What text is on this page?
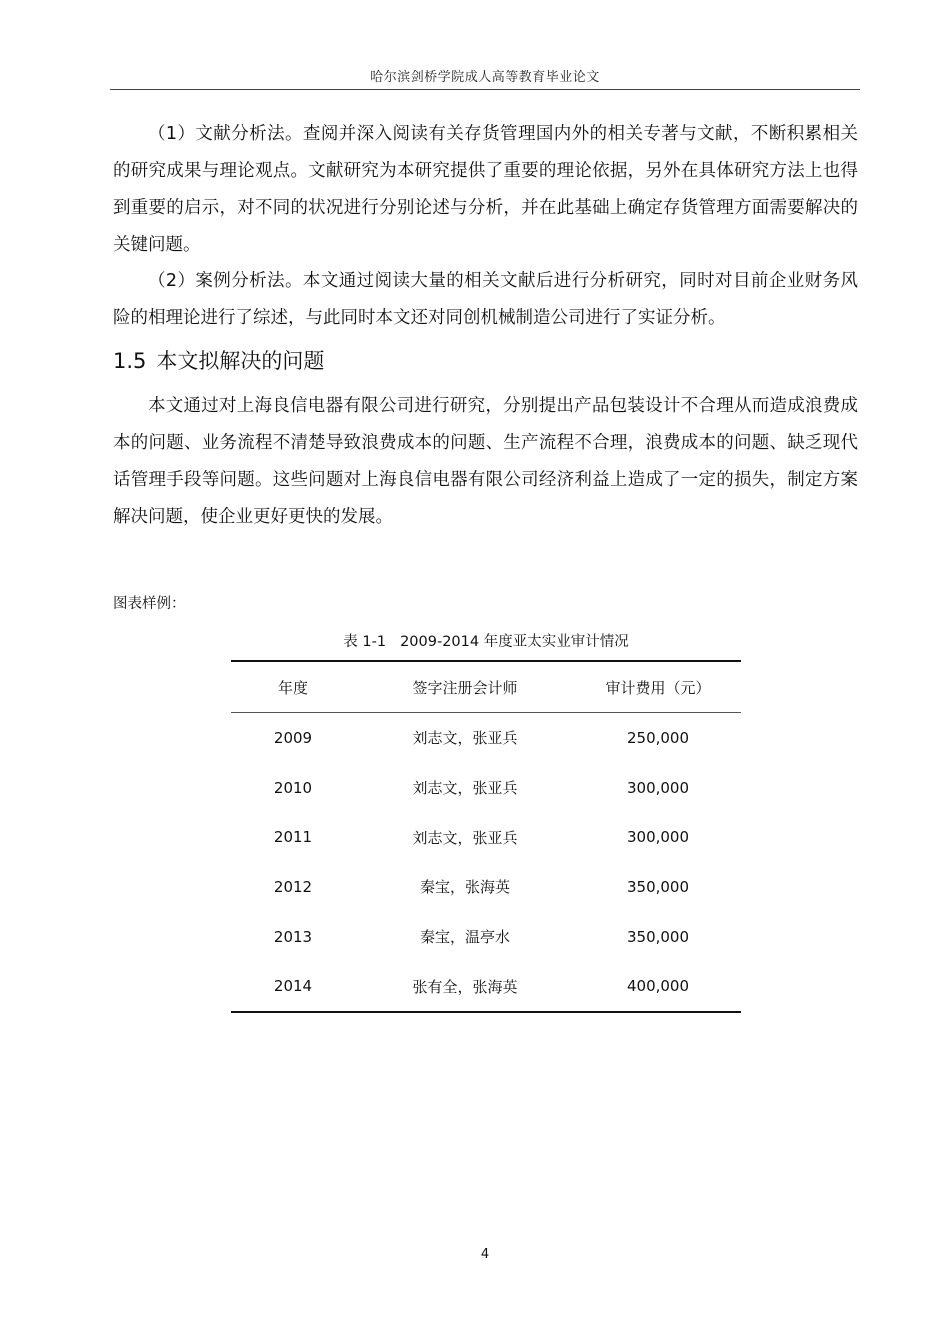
哈尔滨剑桥学院成人高等教育毕业论文

（1）文献分析法。查阅并深入阅读有关存货管理国内外的相关专著与文献，不断积累相关的研究成果与理论观点。文献研究为本研究提供了重要的理论依据，另外在具体研究方法上也得到重要的启示，对不同的状况进行分别论述与分析，并在此基础上确定存货管理方面需要解决的关键问题。

（2）案例分析法。本文通过阅读大量的相关文献后进行分析研究，同时对目前企业财务风险的相理论进行了综述，与此同时本文还对同创机械制造公司进行了实证分析。

1.5 本文拟解决的问题

本文通过对上海良信电器有限公司进行研究，分别提出产品包装设计不合理从而造成浪费成本的问题、业务流程不清楚导致浪费成本的问题、生产流程不合理，浪费成本的问题、缺乏现代话管理手段等问题。这些问题对上海良信电器有限公司经济利益上造成了一定的损失，制定方案解决问题，使企业更好更快的发展。

图表样例：
表 1-1 2009-2014 年度亚太实业审计情况
年度	签字注册会计师	审计费用（元）
2009	刘志文，张亚兵	250,000
2010	刘志文，张亚兵	300,000
2011	刘志文，张亚兵	300,000
2012	秦宝，张海英	350,000
2013	秦宝，温亭水	350,000
2014	张有全，张海英	400,000
4
